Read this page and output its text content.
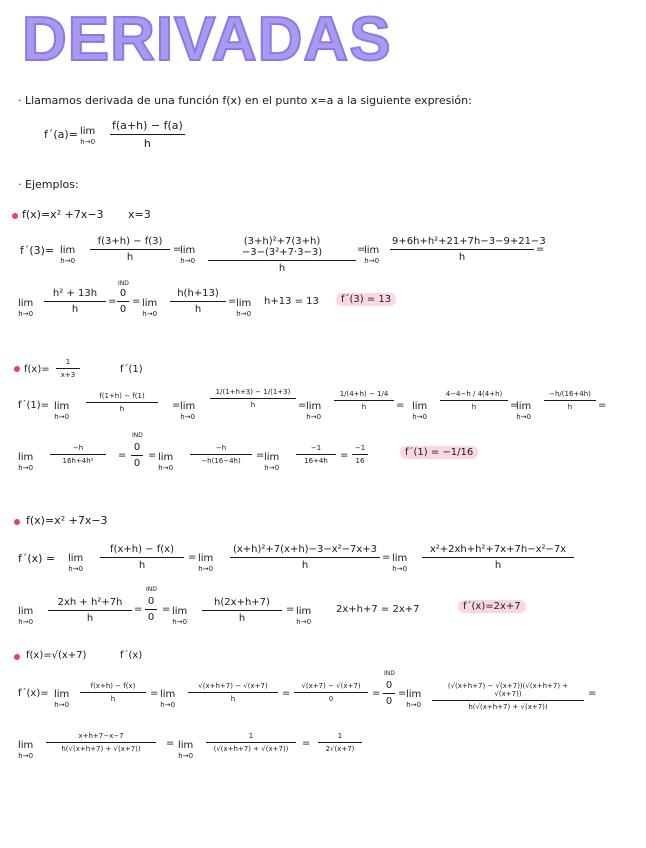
DERIVADAS
· Llamamos derivada de una función f(x) en el punto x=a a la siguiente expresión:
f´(a)= lim
$h\to 0 \frac{f(a+h) - f(a)}{h}$
· Ejemplos:
f(x)=x² +7x−3 x=3
f´(3)= lim
$h\to 0 \frac{f(3+h) - f(3)}{h}$ =
lim
$h\to 0 \frac{\text{(3+h)²+7(3+h)−3−(3²+7·3−3)}}{h}$ =
lim
$h\to 0 \frac{\text{9+6h+h²+21+7h−3−9+21−3}}{h}$ =
lim
$h\to 0 \frac{\text{h² + 13h}}{h}$ =
IND
$\frac{0}{0} = \lim$
$h\to 0 \frac{h(h+13)}{h} = \lim$
h→0
h+13 = 13	f´(3) = 13
$f(x)= \frac{1}{x+3}$	f´(1)
f´(1)= lim
h→0
$\frac{f(1+h) - f(1)}{h} = \lim$
h→0
$\frac{1/(1+h+3) - 1/(1+3)}{h} = \lim$
h→0
$\frac{1/(4+h) - 1/4}{h} = \lim$
h→0
$\frac{4-4-h / 4(4+h)}{h}$ =
lim
h→0
$\frac{-h/(16+4h)}{h}$ =
lim
h→0
$\frac{-h}{\text{16h+4h²}}$ =
IND
$\frac{0}{0} = \lim$
h→0
$\frac{-h}{-h(16-4h)} = \lim$
h→0
$\frac{-1}{16+4h} = \frac{-1}{16}$	f´(1) = −1/16
f(x)=x² +7x−3
f´(x) = lim
$h\to 0 \frac{f(x+h) - f(x)}{h} = \lim$
$h\to 0 \frac{\text{(x+h)²+7(x+h)−3−x²−7x+3}}{h} = \lim$
$h\to 0 \frac{\text{x²+2xh+h²+7x+7h−x²−7x}}{h}$
lim
$h\to 0 \frac{\text{2xh + h²+7h}}{h}$ =
IND
$\frac{0}{0} = \lim$
$h\to 0 \frac{h(2x+h+7)}{h} = \lim$
h→0
2x+h+7 = 2x+7	f´(x)=2x+7
f(x)=√(x+7)	f´(x)
f´(x)= lim
h→0
$\frac{f(x+h) - f(x)}{h} = \lim$
h→0
$\frac{√(x+h+7) - √(x+7)}{h} = \frac{√(x+7) - √(x+7)}{0}$ =
IND
$\frac{0}{0} = \lim$
$h\to 0 \frac{(√(x+h+7) - √(x+7))(√(x+h+7) + √(x+7))}{h(√(x+h+7) + √(x+7))}$ =
lim
h→0
$\frac{x+h+7-x-7}{h(√(x+h+7) + √(x+7))} = \lim$
h→0
$\frac{1}{(√(x+h+7) + √(x+7))} = \frac{1}{2√(x+7)}$
